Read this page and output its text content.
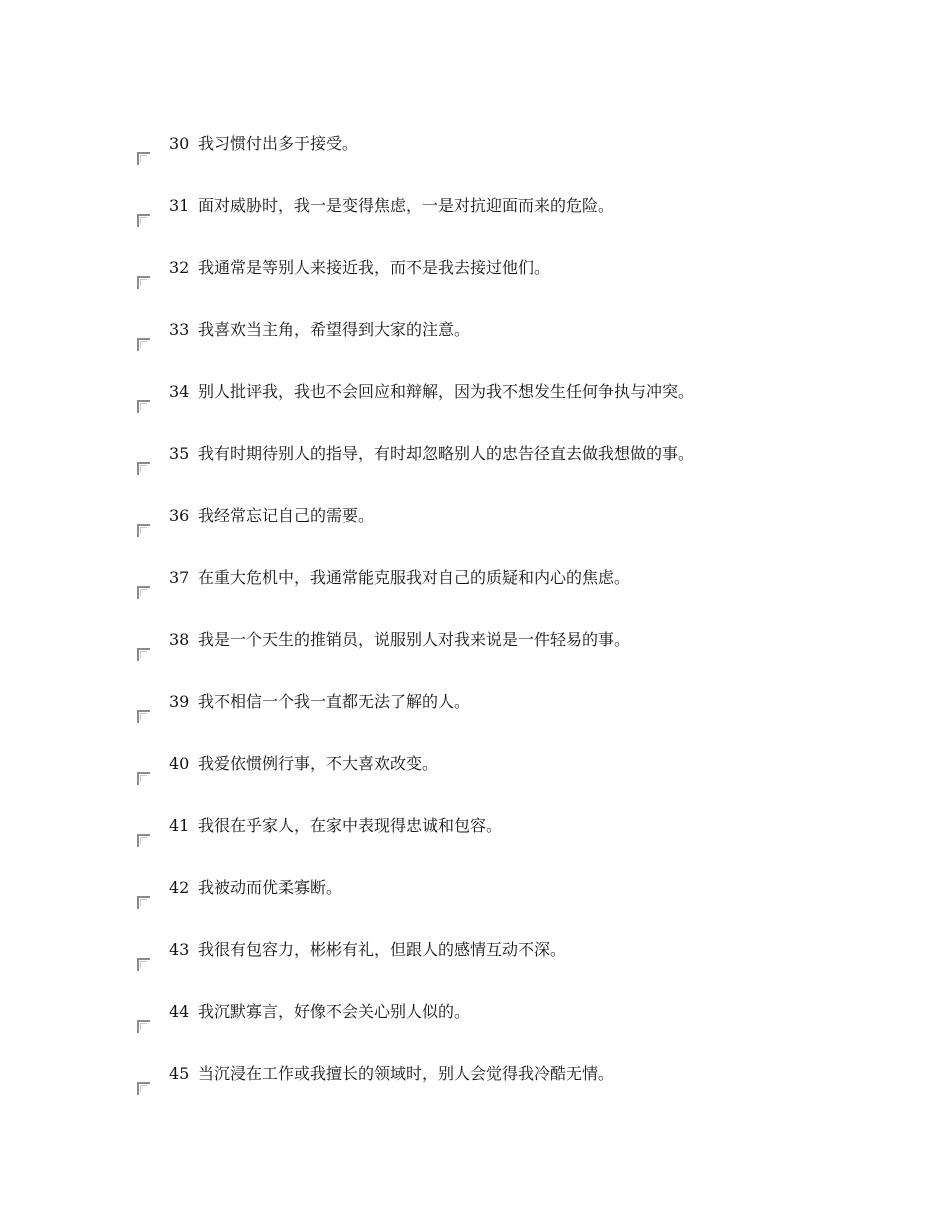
30 我习惯付出多于接受。
31 面对威胁时，我一是变得焦虑，一是对抗迎面而来的危险。
32 我通常是等别人来接近我，而不是我去接过他们。
33 我喜欢当主角，希望得到大家的注意。
34 别人批评我，我也不会回应和辩解，因为我不想发生任何争执与冲突。
35 我有时期待别人的指导，有时却忽略别人的忠告径直去做我想做的事。
36 我经常忘记自己的需要。
37 在重大危机中，我通常能克服我对自己的质疑和内心的焦虑。
38 我是一个天生的推销员，说服别人对我来说是一件轻易的事。
39 我不相信一个我一直都无法了解的人。
40 我爱依惯例行事，不大喜欢改变。
41 我很在乎家人，在家中表现得忠诚和包容。
42 我被动而优柔寡断。
43 我很有包容力，彬彬有礼，但跟人的感情互动不深。
44 我沉默寡言，好像不会关心别人似的。
45 当沉浸在工作或我擅长的领域时，别人会觉得我冷酷无情。
